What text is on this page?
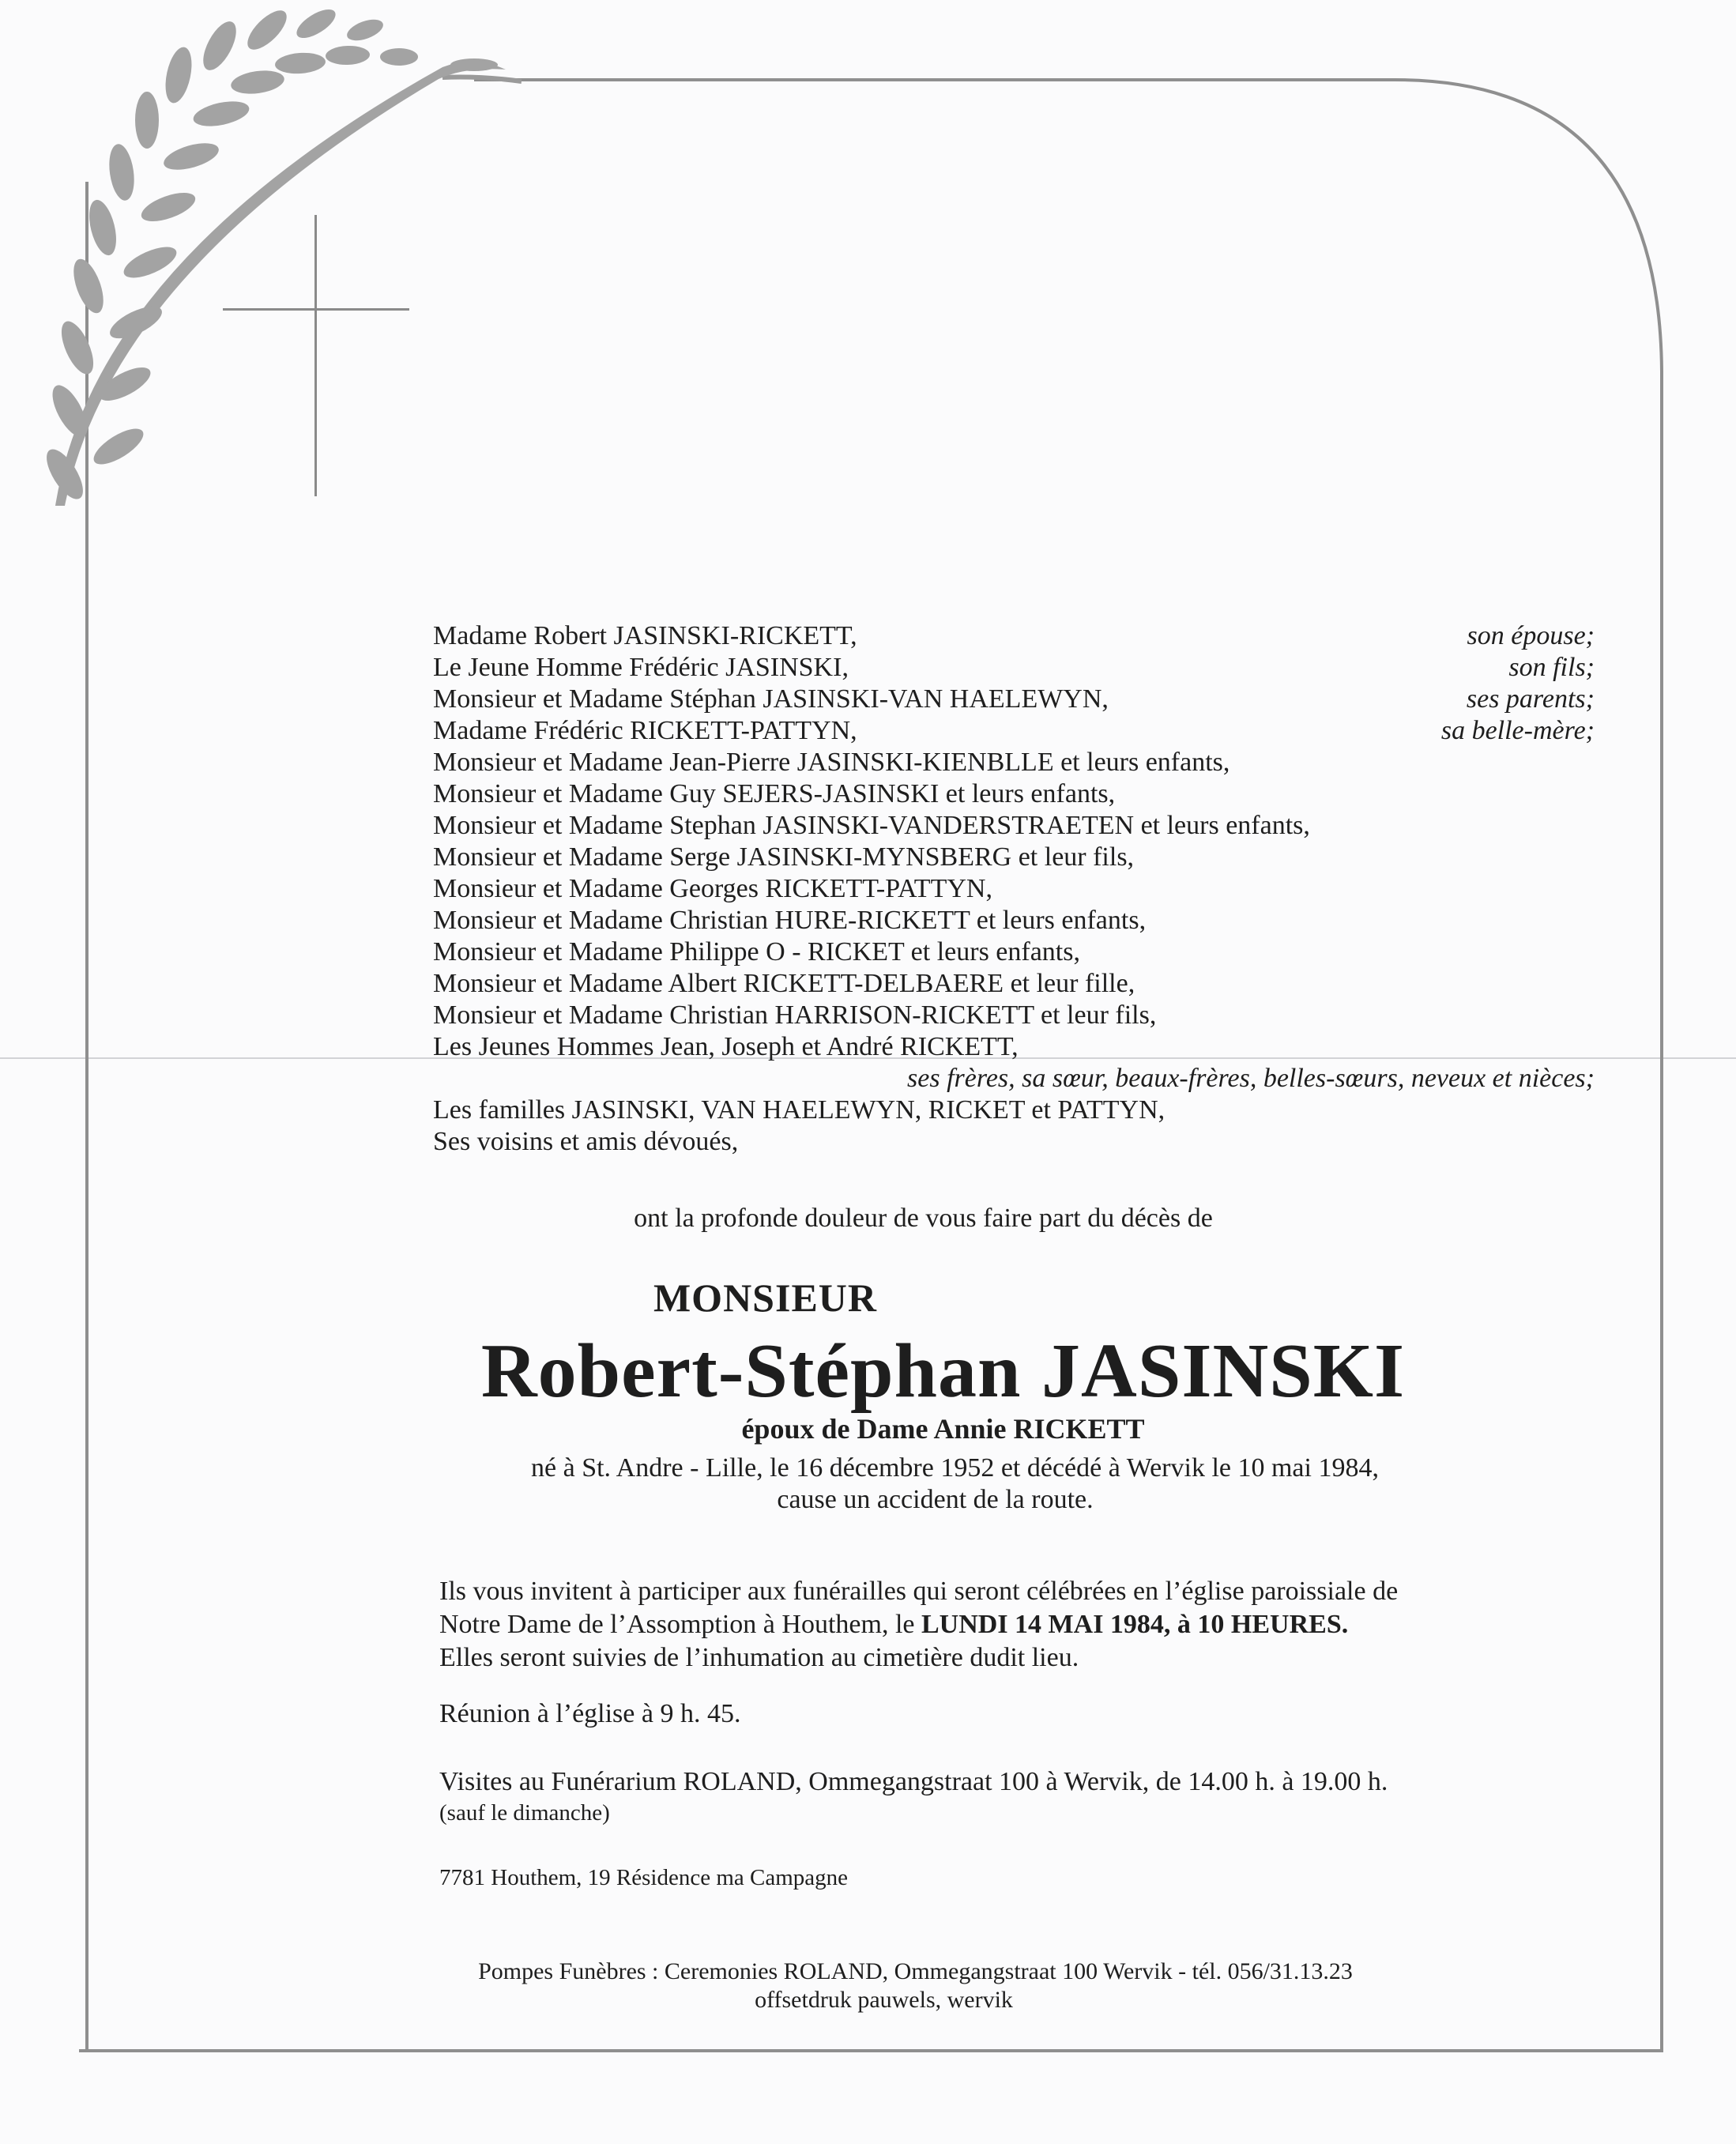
Madame Robert JASINSKI-RICKETT,	son épouse;
Le Jeune Homme Frédéric JASINSKI,	son fils;
Monsieur et Madame Stéphan JASINSKI-VAN HAELEWYN,	ses parents;
Madame Frédéric RICKETT-PATTYN,	sa belle-mère;
Monsieur et Madame Jean-Pierre JASINSKI-KIENBLLE et leurs enfants,
Monsieur et Madame Guy SEJERS-JASINSKI et leurs enfants,
Monsieur et Madame Stephan JASINSKI-VANDERSTRAETEN et leurs enfants,
Monsieur et Madame Serge JASINSKI-MYNSBERG et leur fils,
Monsieur et Madame Georges RICKETT-PATTYN,
Monsieur et Madame Christian HURE-RICKETT et leurs enfants,
Monsieur et Madame Philippe O - RICKET et leurs enfants,
Monsieur et Madame Albert RICKETT-DELBAERE et leur fille,
Monsieur et Madame Christian HARRISON-RICKETT et leur fils,
Les Jeunes Hommes Jean, Joseph et André RICKETT,
ses frères, sa sœur, beaux-frères, belles-sœurs, neveux et nièces;
Les familles JASINSKI, VAN HAELEWYN, RICKET et PATTYN,
Ses voisins et amis dévoués,
ont la profonde douleur de vous faire part du décès de
MONSIEUR
Robert-Stéphan JASINSKI
époux de Dame Annie RICKETT
né à St. Andre - Lille, le 16 décembre 1952 et décédé à Wervik le 10 mai 1984,
cause un accident de la route.
Ils vous invitent à participer aux funérailles qui seront célébrées en l’église paroissiale de
Notre Dame de l’Assomption à Houthem, le LUNDI 14 MAI 1984, à 10 HEURES.
Elles seront suivies de l’inhumation au cimetière dudit lieu.
Réunion à l’église à 9 h. 45.
Visites au Funérarium ROLAND, Ommegangstraat 100 à Wervik, de 14.00 h. à 19.00 h.
(sauf le dimanche)
7781 Houthem, 19 Résidence ma Campagne
Pompes Funèbres : Ceremonies ROLAND, Ommegangstraat 100 Wervik - tél. 056/31.13.23
offsetdruk pauwels, wervik
